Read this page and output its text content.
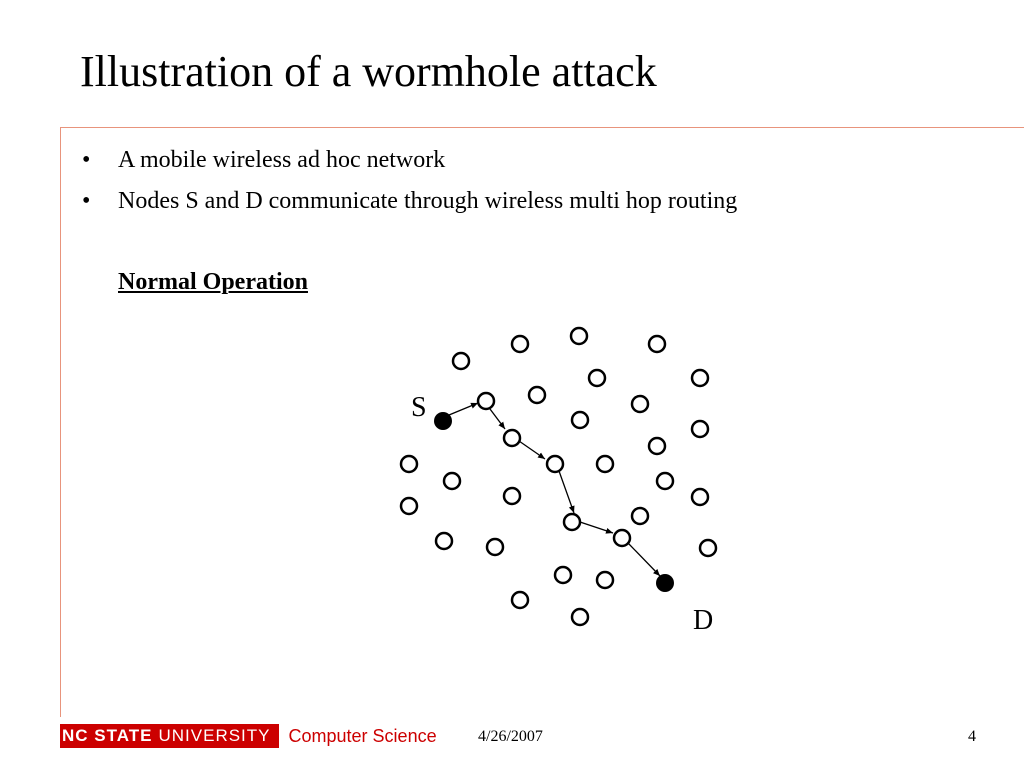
Illustration of a wormhole attack
• A mobile wireless ad hoc network
• Nodes S and D communicate through wireless multi hop routing
Normal Operation
S
D
NC STATE UNIVERSITY Computer Science	4/26/2007	4
